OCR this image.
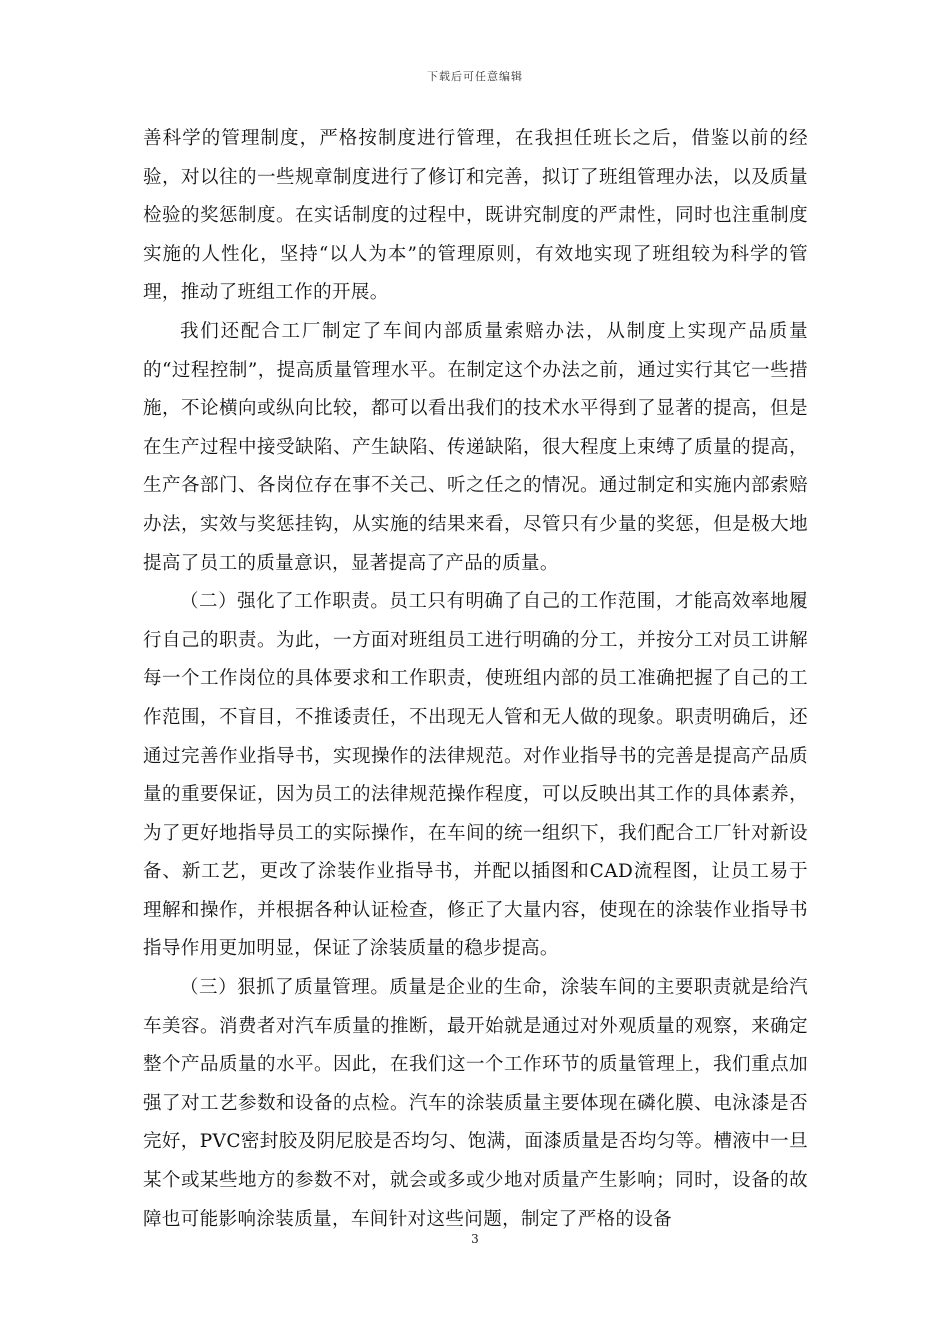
下载后可任意编辑

善科学的管理制度，严格按制度进行管理，在我担任班长之后，借鉴以前的经验，对以往的一些规章制度进行了修订和完善，拟订了班组管理办法，以及质量检验的奖惩制度。在实话制度的过程中，既讲究制度的严肃性，同时也注重制度实施的人性化，坚持“以人为本”的管理原则，有效地实现了班组较为科学的管理，推动了班组工作的开展。

我们还配合工厂制定了车间内部质量索赔办法，从制度上实现产品质量的“过程控制”，提高质量管理水平。在制定这个办法之前，通过实行其它一些措施，不论横向或纵向比较，都可以看出我们的技术水平得到了显著的提高，但是在生产过程中接受缺陷、产生缺陷、传递缺陷，很大程度上束缚了质量的提高，生产各部门、各岗位存在事不关己、听之任之的情况。通过制定和实施内部索赔办法，实效与奖惩挂钩，从实施的结果来看，尽管只有少量的奖惩，但是极大地提高了员工的质量意识，显著提高了产品的质量。

（二）强化了工作职责。员工只有明确了自己的工作范围，才能高效率地履行自己的职责。为此，一方面对班组员工进行明确的分工，并按分工对员工讲解每一个工作岗位的具体要求和工作职责，使班组内部的员工准确把握了自己的工作范围，不盲目，不推诿责任，不出现无人管和无人做的现象。职责明确后，还通过完善作业指导书，实现操作的法律规范。对作业指导书的完善是提高产品质量的重要保证，因为员工的法律规范操作程度，可以反映出其工作的具体素养，为了更好地指导员工的实际操作，在车间的统一组织下，我们配合工厂针对新设备、新工艺，更改了涂装作业指导书，并配以插图和CAD流程图，让员工易于理解和操作，并根据各种认证检查，修正了大量内容，使现在的涂装作业指导书指导作用更加明显，保证了涂装质量的稳步提高。

（三）狠抓了质量管理。质量是企业的生命，涂装车间的主要职责就是给汽车美容。消费者对汽车质量的推断，最开始就是通过对外观质量的观察，来确定整个产品质量的水平。因此，在我们这一个工作环节的质量管理上，我们重点加强了对工艺参数和设备的点检。汽车的涂装质量主要体现在磷化膜、电泳漆是否完好，PVC密封胶及阴尼胶是否均匀、饱满，面漆质量是否均匀等。槽液中一旦某个或某些地方的参数不对，就会或多或少地对质量产生影响；同时，设备的故障也可能影响涂装质量，车间针对这些问题，制定了严格的设备

3
